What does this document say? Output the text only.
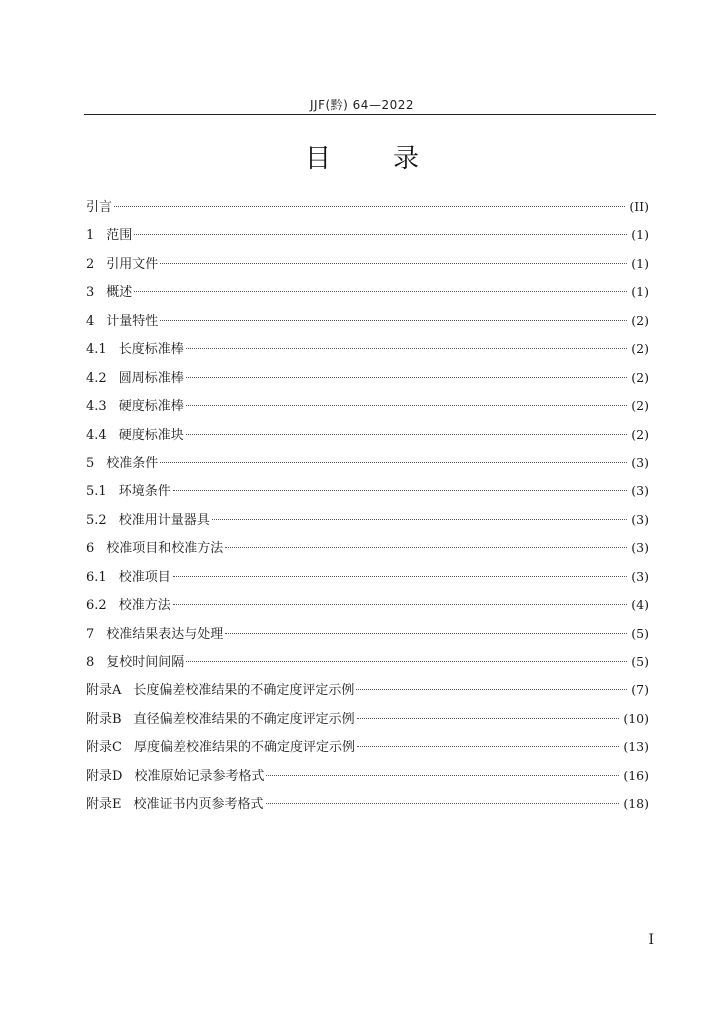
JJF(黔) 64—2022
目 录
引言	(II)
1 范围	(1)
2 引用文件	(1)
3 概述	(1)
4 计量特性	(2)
4.1 长度标准棒	(2)
4.2 圆周标准棒	(2)
4.3 硬度标准棒	(2)
4.4 硬度标准块	(2)
5 校准条件	(3)
5.1 环境条件	(3)
5.2 校准用计量器具	(3)
6 校准项目和校准方法	(3)
6.1 校准项目	(3)
6.2 校准方法	(4)
7 校准结果表达与处理	(5)
8 复校时间间隔	(5)
附录A 长度偏差校准结果的不确定度评定示例	(7)
附录B 直径偏差校准结果的不确定度评定示例	(10)
附录C 厚度偏差校准结果的不确定度评定示例	(13)
附录D 校准原始记录参考格式	(16)
附录E 校准证书内页参考格式	(18)
I
